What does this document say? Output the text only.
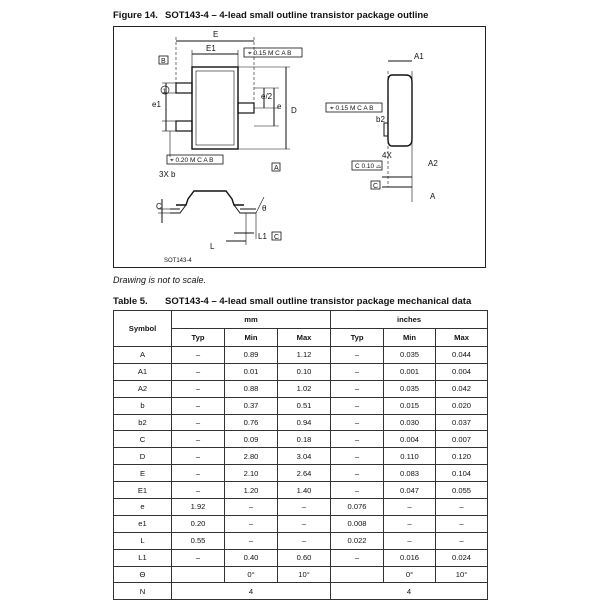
Figure 14. SOT143-4 – 4-lead small outline transistor package outline
E
E1
B
1
e/2
e D
e1
3X b
A
A1
b2
4X
A2
C
A
C	θ
L
L1 C
SOT143-4
⌖ 0.15 M C A B
⌖ 0.15 M C A B
⌖ 0.20 M C A B
C 0.10 ⌓
Drawing is not to scale.
Table 5. SOT143-4 – 4-lead small outline transistor package mechanical data
Symbol	mm			inches		
	Typ	Min	Max	Typ	Min	Max
A	–	0.89	1.12	–	0.035	0.044
A1	–	0.01	0.10	–	0.001	0.004
A2	–	0.88	1.02	–	0.035	0.042
b	–	0.37	0.51	–	0.015	0.020
b2	–	0.76	0.94	–	0.030	0.037
C	–	0.09	0.18	–	0.004	0.007
D	–	2.80	3.04	–	0.110	0.120
E	–	2.10	2.64	–	0.083	0.104
E1	–	1.20	1.40	–	0.047	0.055
e	1.92	–	–	0.076	–	–
e1	0.20	–	–	0.008	–	–
L	0.55	–	–	0.022	–	–
L1	–	0.40	0.60	–	0.016	0.024
Θ		0°	10°		0°	10°
N	4			4		
